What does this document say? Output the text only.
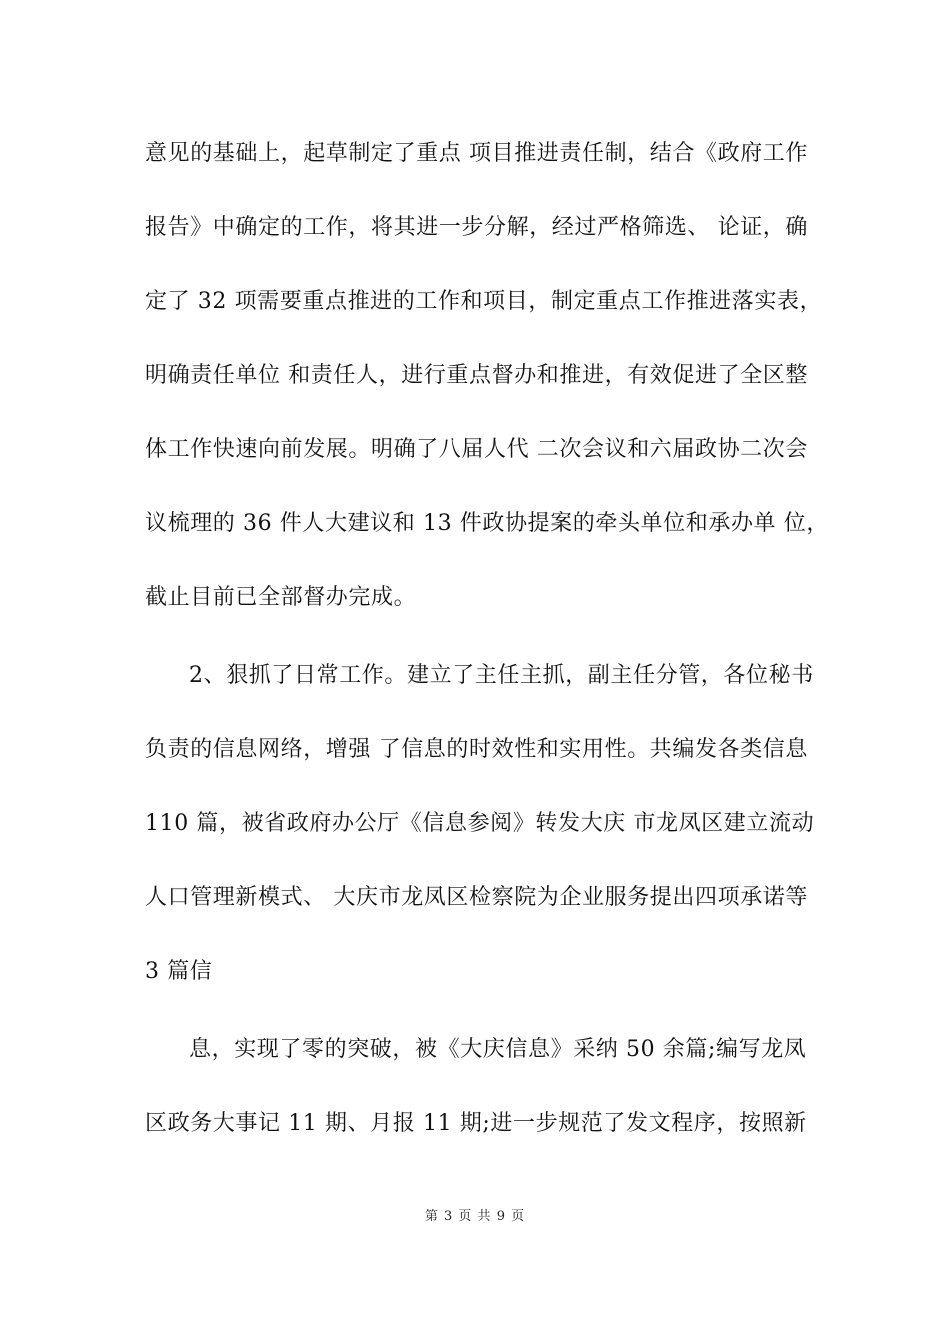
意见的基础上，起草制定了重点 项目推进责任制，结合《政府工作
报告》中确定的工作，将其进一步分解，经过严格筛选、 论证，确
定了 32 项需要重点推进的工作和项目，制定重点工作推进落实表，
明确责任单位 和责任人，进行重点督办和推进，有效促进了全区整
体工作快速向前发展。明确了八届人代 二次会议和六届政协二次会
议梳理的 36 件人大建议和 13 件政协提案的牵头单位和承办单 位，
截止目前已全部督办完成。
2、狠抓了日常工作。建立了主任主抓，副主任分管，各位秘书
负责的信息网络，增强 了信息的时效性和实用性。共编发各类信息
110 篇，被省政府办公厅《信息参阅》转发大庆 市龙凤区建立流动
人口管理新模式、 大庆市龙凤区检察院为企业服务提出四项承诺等
3 篇信
息，实现了零的突破，被《大庆信息》采纳 50 余篇;编写龙凤
区政务大事记 11 期、月报 11 期;进一步规范了发文程序，按照新
第 3 页 共 9 页
